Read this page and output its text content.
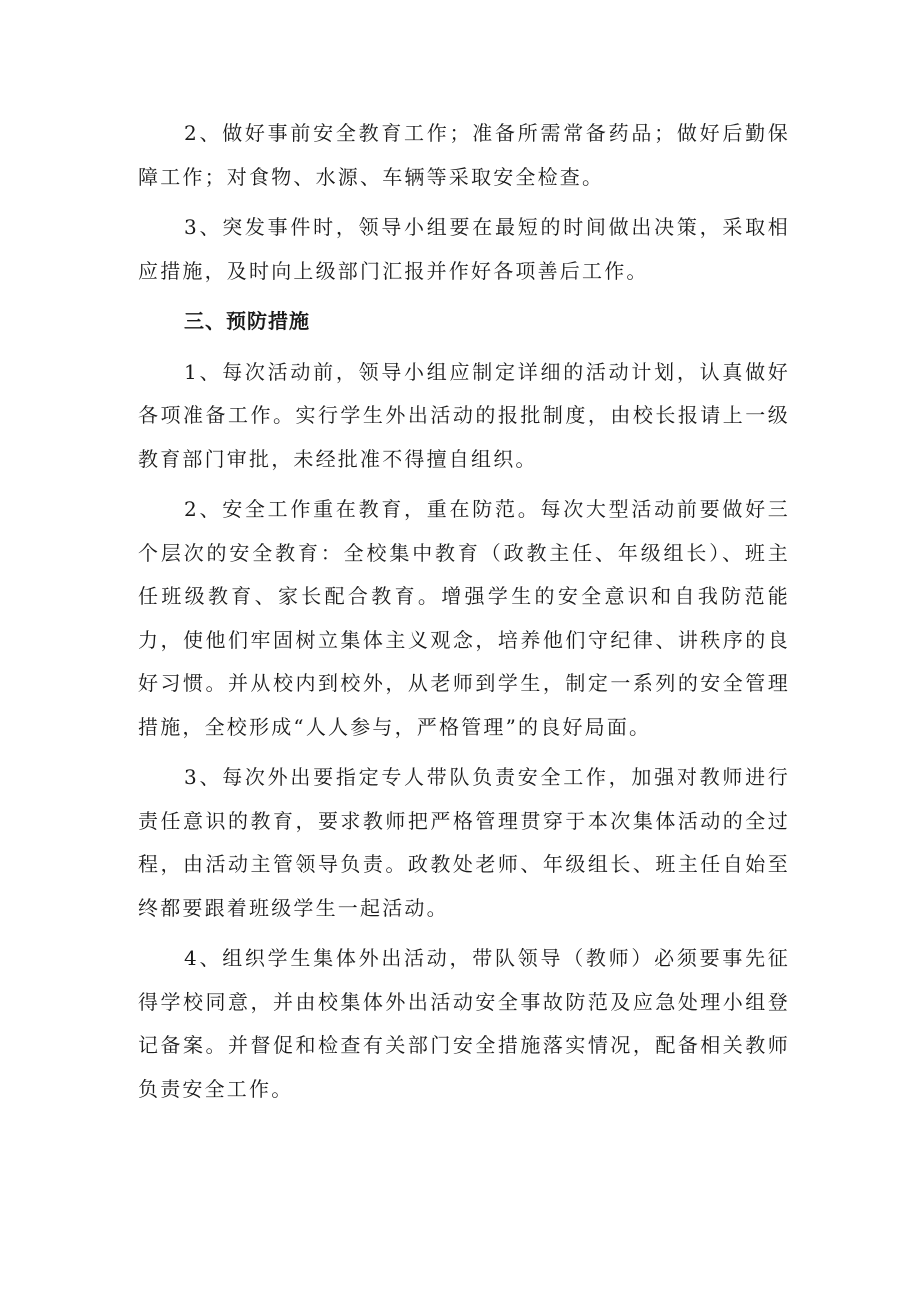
2、做好事前安全教育工作；准备所需常备药品；做好后勤保障工作；对食物、水源、车辆等采取安全检查。

3、突发事件时，领导小组要在最短的时间做出决策，采取相应措施，及时向上级部门汇报并作好各项善后工作。

三、预防措施

1、每次活动前，领导小组应制定详细的活动计划，认真做好各项准备工作。实行学生外出活动的报批制度，由校长报请上一级教育部门审批，未经批准不得擅自组织。

2、安全工作重在教育，重在防范。每次大型活动前要做好三个层次的安全教育：全校集中教育（政教主任、年级组长）、班主任班级教育、家长配合教育。增强学生的安全意识和自我防范能力，使他们牢固树立集体主义观念，培养他们守纪律、讲秩序的良好习惯。并从校内到校外，从老师到学生，制定一系列的安全管理措施，全校形成“人人参与，严格管理”的良好局面。

3、每次外出要指定专人带队负责安全工作，加强对教师进行责任意识的教育，要求教师把严格管理贯穿于本次集体活动的全过程，由活动主管领导负责。政教处老师、年级组长、班主任自始至终都要跟着班级学生一起活动。

4、组织学生集体外出活动，带队领导（教师）必须要事先征得学校同意，并由校集体外出活动安全事故防范及应急处理小组登记备案。并督促和检查有关部门安全措施落实情况，配备相关教师负责安全工作。
